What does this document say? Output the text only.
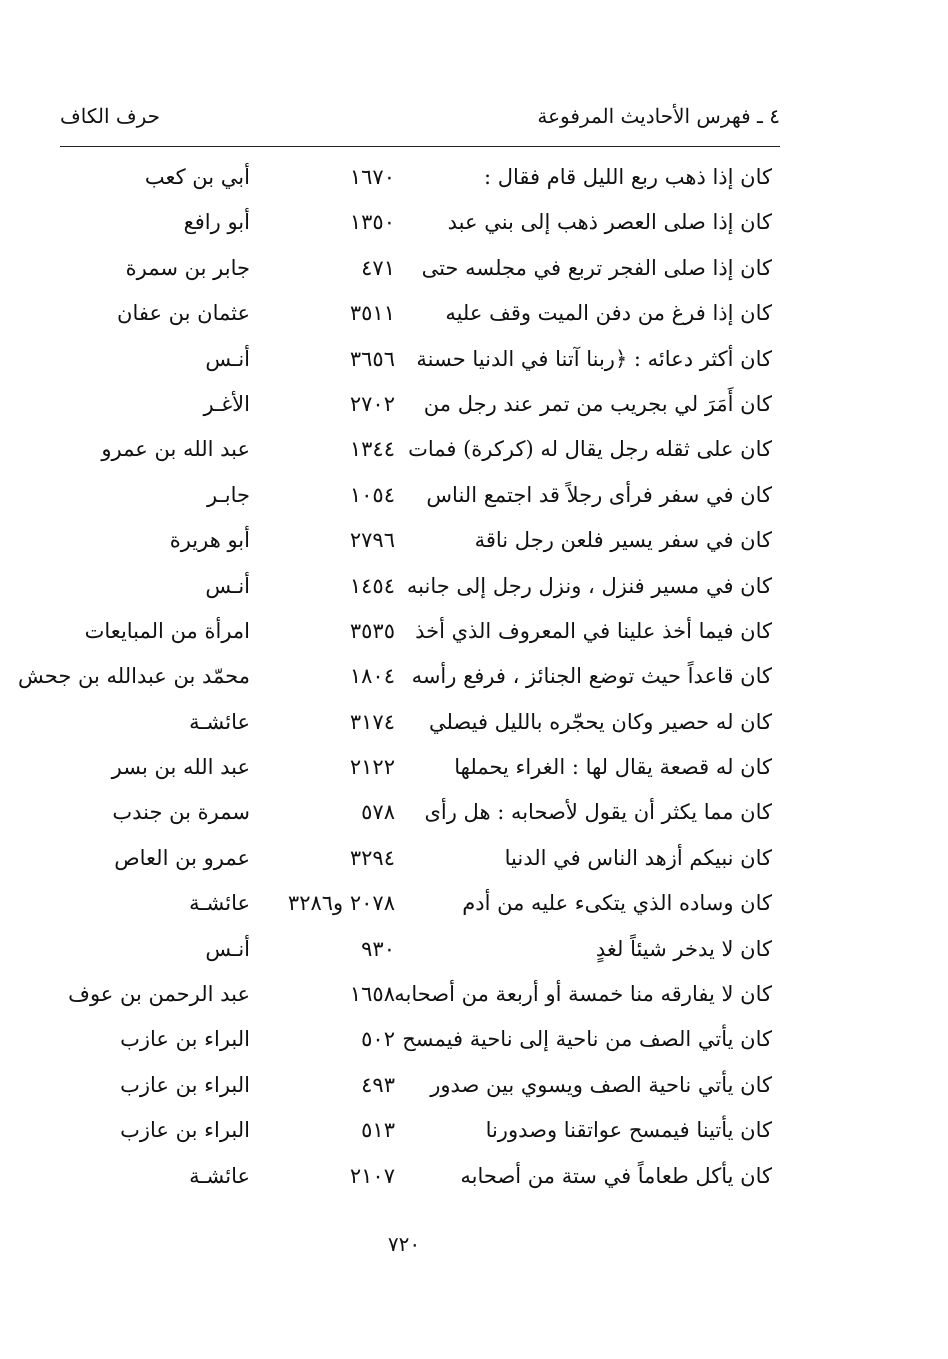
٤ ـ فهرس الأحاديث المرفوعة
حرف الكاف
كان إذا ذهب ربع الليل قام فقال :
١٦٧٠
أبي بن كعب
كان إذا صلى العصر ذهب إلى بني عبد
١٣٥٠
أبو رافع
كان إذا صلى الفجر تربع في مجلسه حتى
٤٧١
جابر بن سمرة
كان إذا فرغ من دفن الميت وقف عليه
٣٥١١
عثمان بن عفان
كان أكثر دعائه : ﴿ربنا آتنا في الدنيا حسنة
٣٦٥٦
أنـس
كان أَمَرَ لي بجريب من تمر عند رجل من
٢٧٠٢
الأغـر
كان على ثقله رجل يقال له (كركرة) فمات
١٣٤٤
عبد الله بن عمرو
كان في سفر فرأى رجلاً قد اجتمع الناس
١٠٥٤
جابـر
كان في سفر يسير فلعن رجل ناقة
٢٧٩٦
أبو هريرة
كان في مسير فنزل ، ونزل رجل إلى جانبه
١٤٥٤
أنـس
كان فيما أخذ علينا في المعروف الذي أخذ
٣٥٣٥
امرأة من المبايعات
كان قاعداً حيث توضع الجنائز ، فرفع رأسه
١٨٠٤
محمّد بن عبدالله بن جحش
كان له حصير وكان يحجّره بالليل فيصلي
٣١٧٤
عائشـة
كان له قصعة يقال لها : الغراء يحملها
٢١٢٢
عبد الله بن بسر
كان مما يكثر أن يقول لأصحابه : هل رأى
٥٧٨
سمرة بن جندب
كان نبيكم أزهد الناس في الدنيا
٣٢٩٤
عمرو بن العاص
كان وساده الذي يتكىء عليه من أدم
٢٠٧٨ و٣٢٨٦
عائشـة
كان لا يدخر شيئاً لغدٍ
٩٣٠
أنـس
كان لا يفارقه منا خمسة أو أربعة من أصحابه
١٦٥٨
عبد الرحمن بن عوف
كان يأتي الصف من ناحية إلى ناحية فيمسح
٥٠٢
البراء بن عازب
كان يأتي ناحية الصف ويسوي بين صدور
٤٩٣
البراء بن عازب
كان يأتينا فيمسح عواتقنا وصدورنا
٥١٣
البراء بن عازب
كان يأكل طعاماً في ستة من أصحابه
٢١٠٧
عائشـة
٧٢٠
